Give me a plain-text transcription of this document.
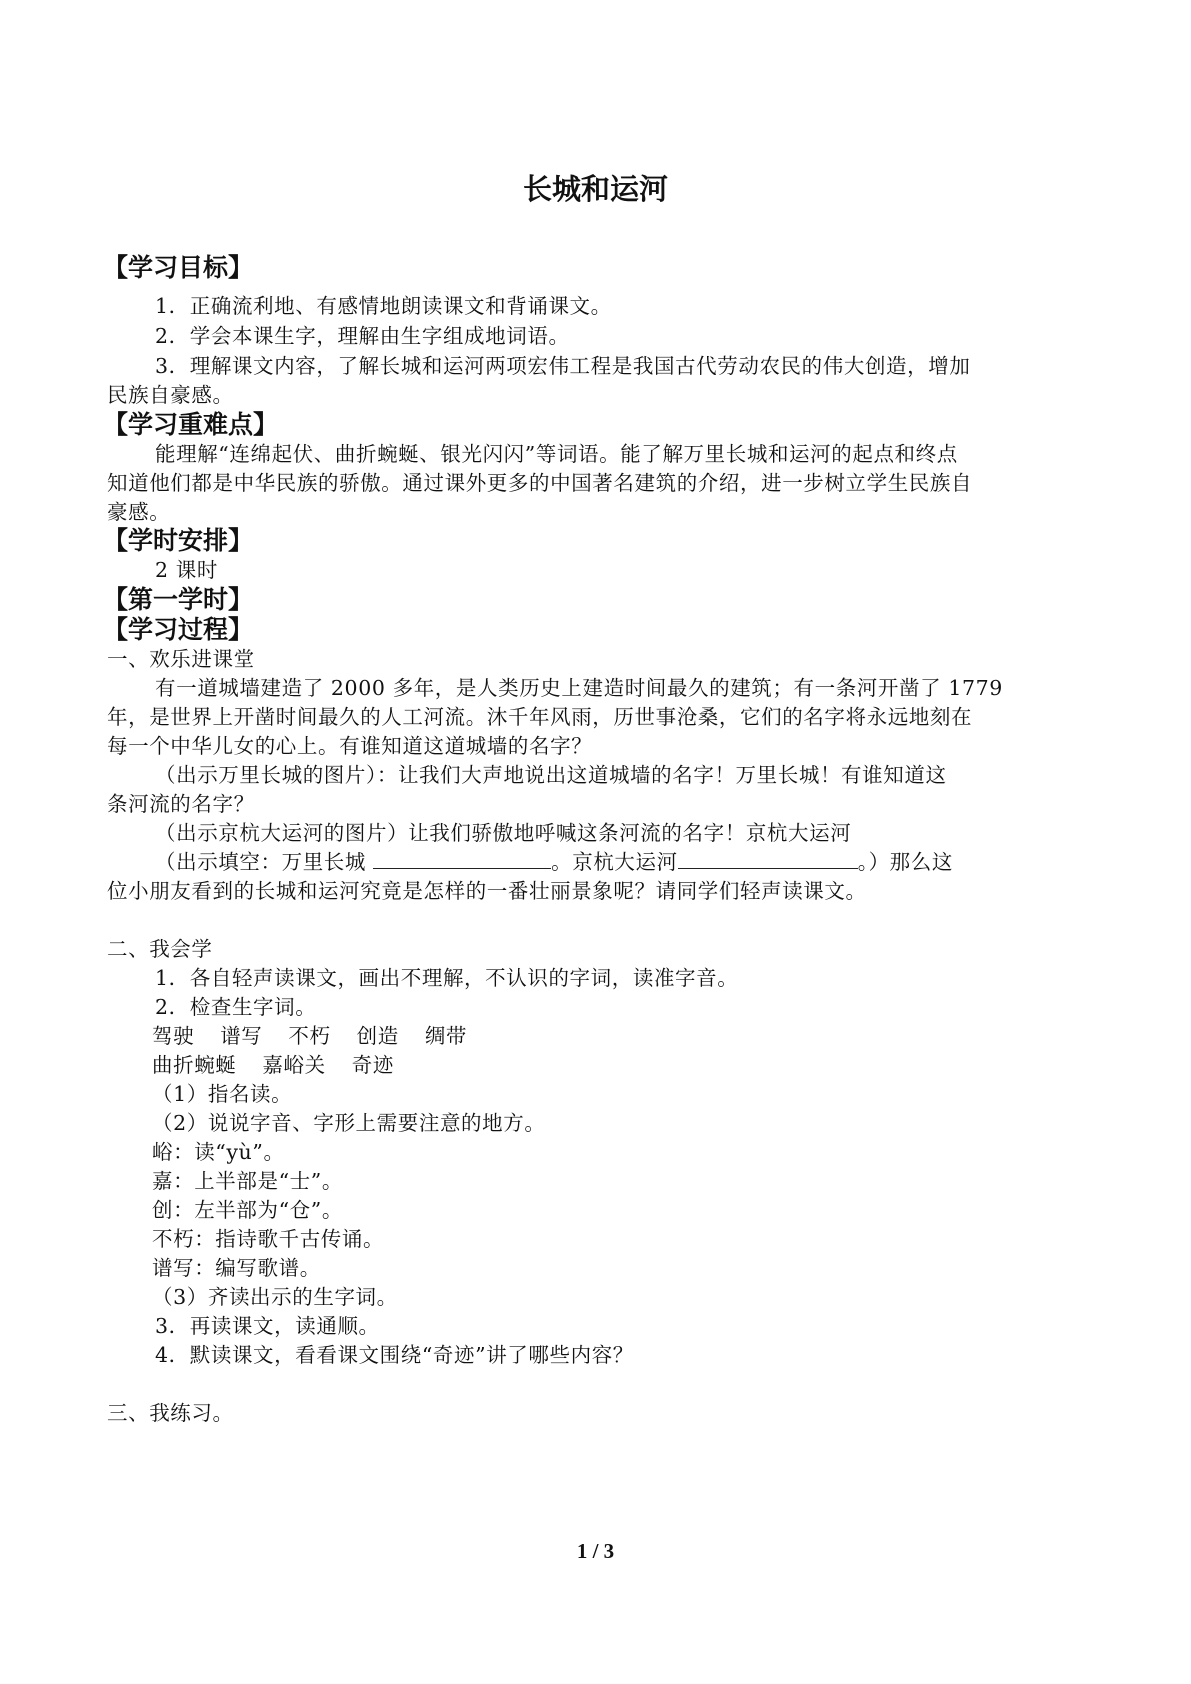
长城和运河
【学习目标】
1．正确流利地、有感情地朗读课文和背诵课文。
2．学会本课生字，理解由生字组成地词语。
3．理解课文内容，了解长城和运河两项宏伟工程是我国古代劳动农民的伟大创造，增加
民族自豪感。
【学习重难点】
能理解“连绵起伏、曲折蜿蜒、银光闪闪”等词语。能了解万里长城和运河的起点和终点
知道他们都是中华民族的骄傲。通过课外更多的中国著名建筑的介绍，进一步树立学生民族自
豪感。
【学时安排】
2 课时
【第一学时】
【学习过程】
一、欢乐进课堂
有一道城墙建造了 2000 多年，是人类历史上建造时间最久的建筑；有一条河开凿了 1779
年，是世界上开凿时间最久的人工河流。沐千年风雨，历世事沧桑，它们的名字将永远地刻在
每一个中华儿女的心上。有谁知道这道城墙的名字？
（出示万里长城的图片）：让我们大声地说出这道城墙的名字！万里长城！有谁知道这
条河流的名字？
（出示京杭大运河的图片）让我们骄傲地呼喊这条河流的名字！京杭大运河
（出示填空：万里长城	。京杭大运河	。）那么这
位小朋友看到的长城和运河究竟是怎样的一番壮丽景象呢？请同学们轻声读课文。
二、我会学
1．各自轻声读课文，画出不理解，不认识的字词，读准字音。
2．检查生字词。
驾驶 谱写 不朽 创造 绸带
曲折蜿蜒 嘉峪关 奇迹
（1）指名读。
（2）说说字音、字形上需要注意的地方。
峪：读“yù”。
嘉：上半部是“士”。
创：左半部为“仓”。
不朽：指诗歌千古传诵。
谱写：编写歌谱。
（3）齐读出示的生字词。
3．再读课文，读通顺。
4．默读课文，看看课文围绕“奇迹”讲了哪些内容？
三、我练习。
1 / 3
